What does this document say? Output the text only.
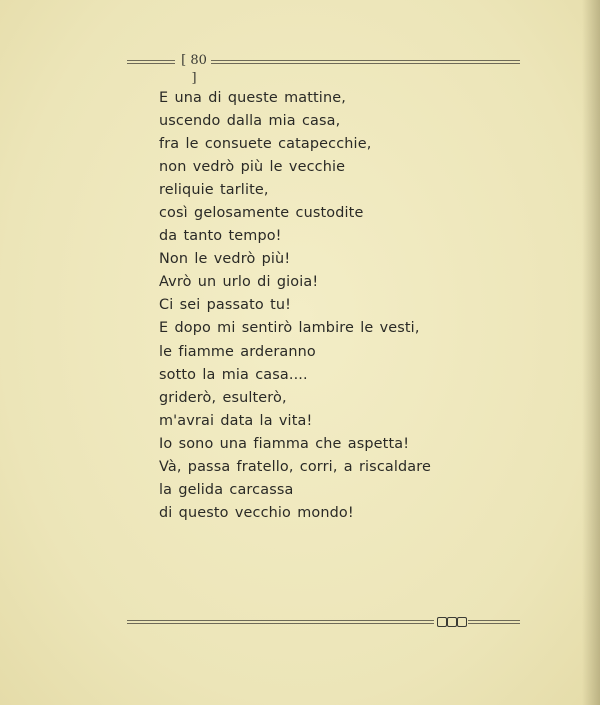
[ 80 ]
E una di queste mattine,
uscendo dalla mia casa,
fra le consuete catapecchie,
non vedrò più le vecchie
reliquie tarlite,
così gelosamente custodite
da tanto tempo!
Non le vedrò più!
Avrò un urlo di gioia!
Ci sei passato tu!
E dopo mi sentirò lambire le vesti,
le fiamme arderanno
sotto la mia casa....
griderò, esulterò,
m'avrai data la vita!
Io sono una fiamma che aspetta!
Và, passa fratello, corri, a riscaldare
la gelida carcassa
di questo vecchio mondo!
